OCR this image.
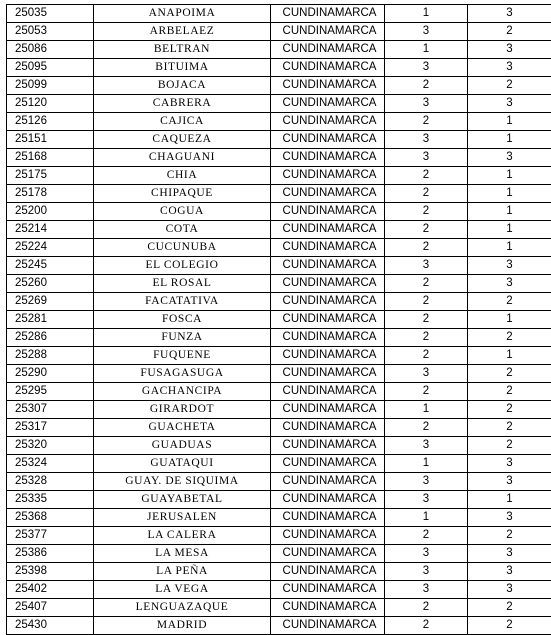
25035	ANAPOIMA	CUNDINAMARCA	1	3
25053	ARBELAEZ	CUNDINAMARCA	3	2
25086	BELTRAN	CUNDINAMARCA	1	3
25095	BITUIMA	CUNDINAMARCA	3	3
25099	BOJACA	CUNDINAMARCA	2	2
25120	CABRERA	CUNDINAMARCA	3	3
25126	CAJICA	CUNDINAMARCA	2	1
25151	CAQUEZA	CUNDINAMARCA	3	1
25168	CHAGUANI	CUNDINAMARCA	3	3
25175	CHIA	CUNDINAMARCA	2	1
25178	CHIPAQUE	CUNDINAMARCA	2	1
25200	COGUA	CUNDINAMARCA	2	1
25214	COTA	CUNDINAMARCA	2	1
25224	CUCUNUBA	CUNDINAMARCA	2	1
25245	EL COLEGIO	CUNDINAMARCA	3	3
25260	EL ROSAL	CUNDINAMARCA	2	3
25269	FACATATIVA	CUNDINAMARCA	2	2
25281	FOSCA	CUNDINAMARCA	2	1
25286	FUNZA	CUNDINAMARCA	2	2
25288	FUQUENE	CUNDINAMARCA	2	1
25290	FUSAGASUGA	CUNDINAMARCA	3	2
25295	GACHANCIPA	CUNDINAMARCA	2	2
25307	GIRARDOT	CUNDINAMARCA	1	2
25317	GUACHETA	CUNDINAMARCA	2	2
25320	GUADUAS	CUNDINAMARCA	3	2
25324	GUATAQUI	CUNDINAMARCA	1	3
25328	GUAY. DE SIQUIMA	CUNDINAMARCA	3	3
25335	GUAYABETAL	CUNDINAMARCA	3	1
25368	JERUSALEN	CUNDINAMARCA	1	3
25377	LA CALERA	CUNDINAMARCA	2	2
25386	LA MESA	CUNDINAMARCA	3	3
25398	LA PEÑA	CUNDINAMARCA	3	3
25402	LA VEGA	CUNDINAMARCA	3	3
25407	LENGUAZAQUE	CUNDINAMARCA	2	2
25430	MADRID	CUNDINAMARCA	2	2
